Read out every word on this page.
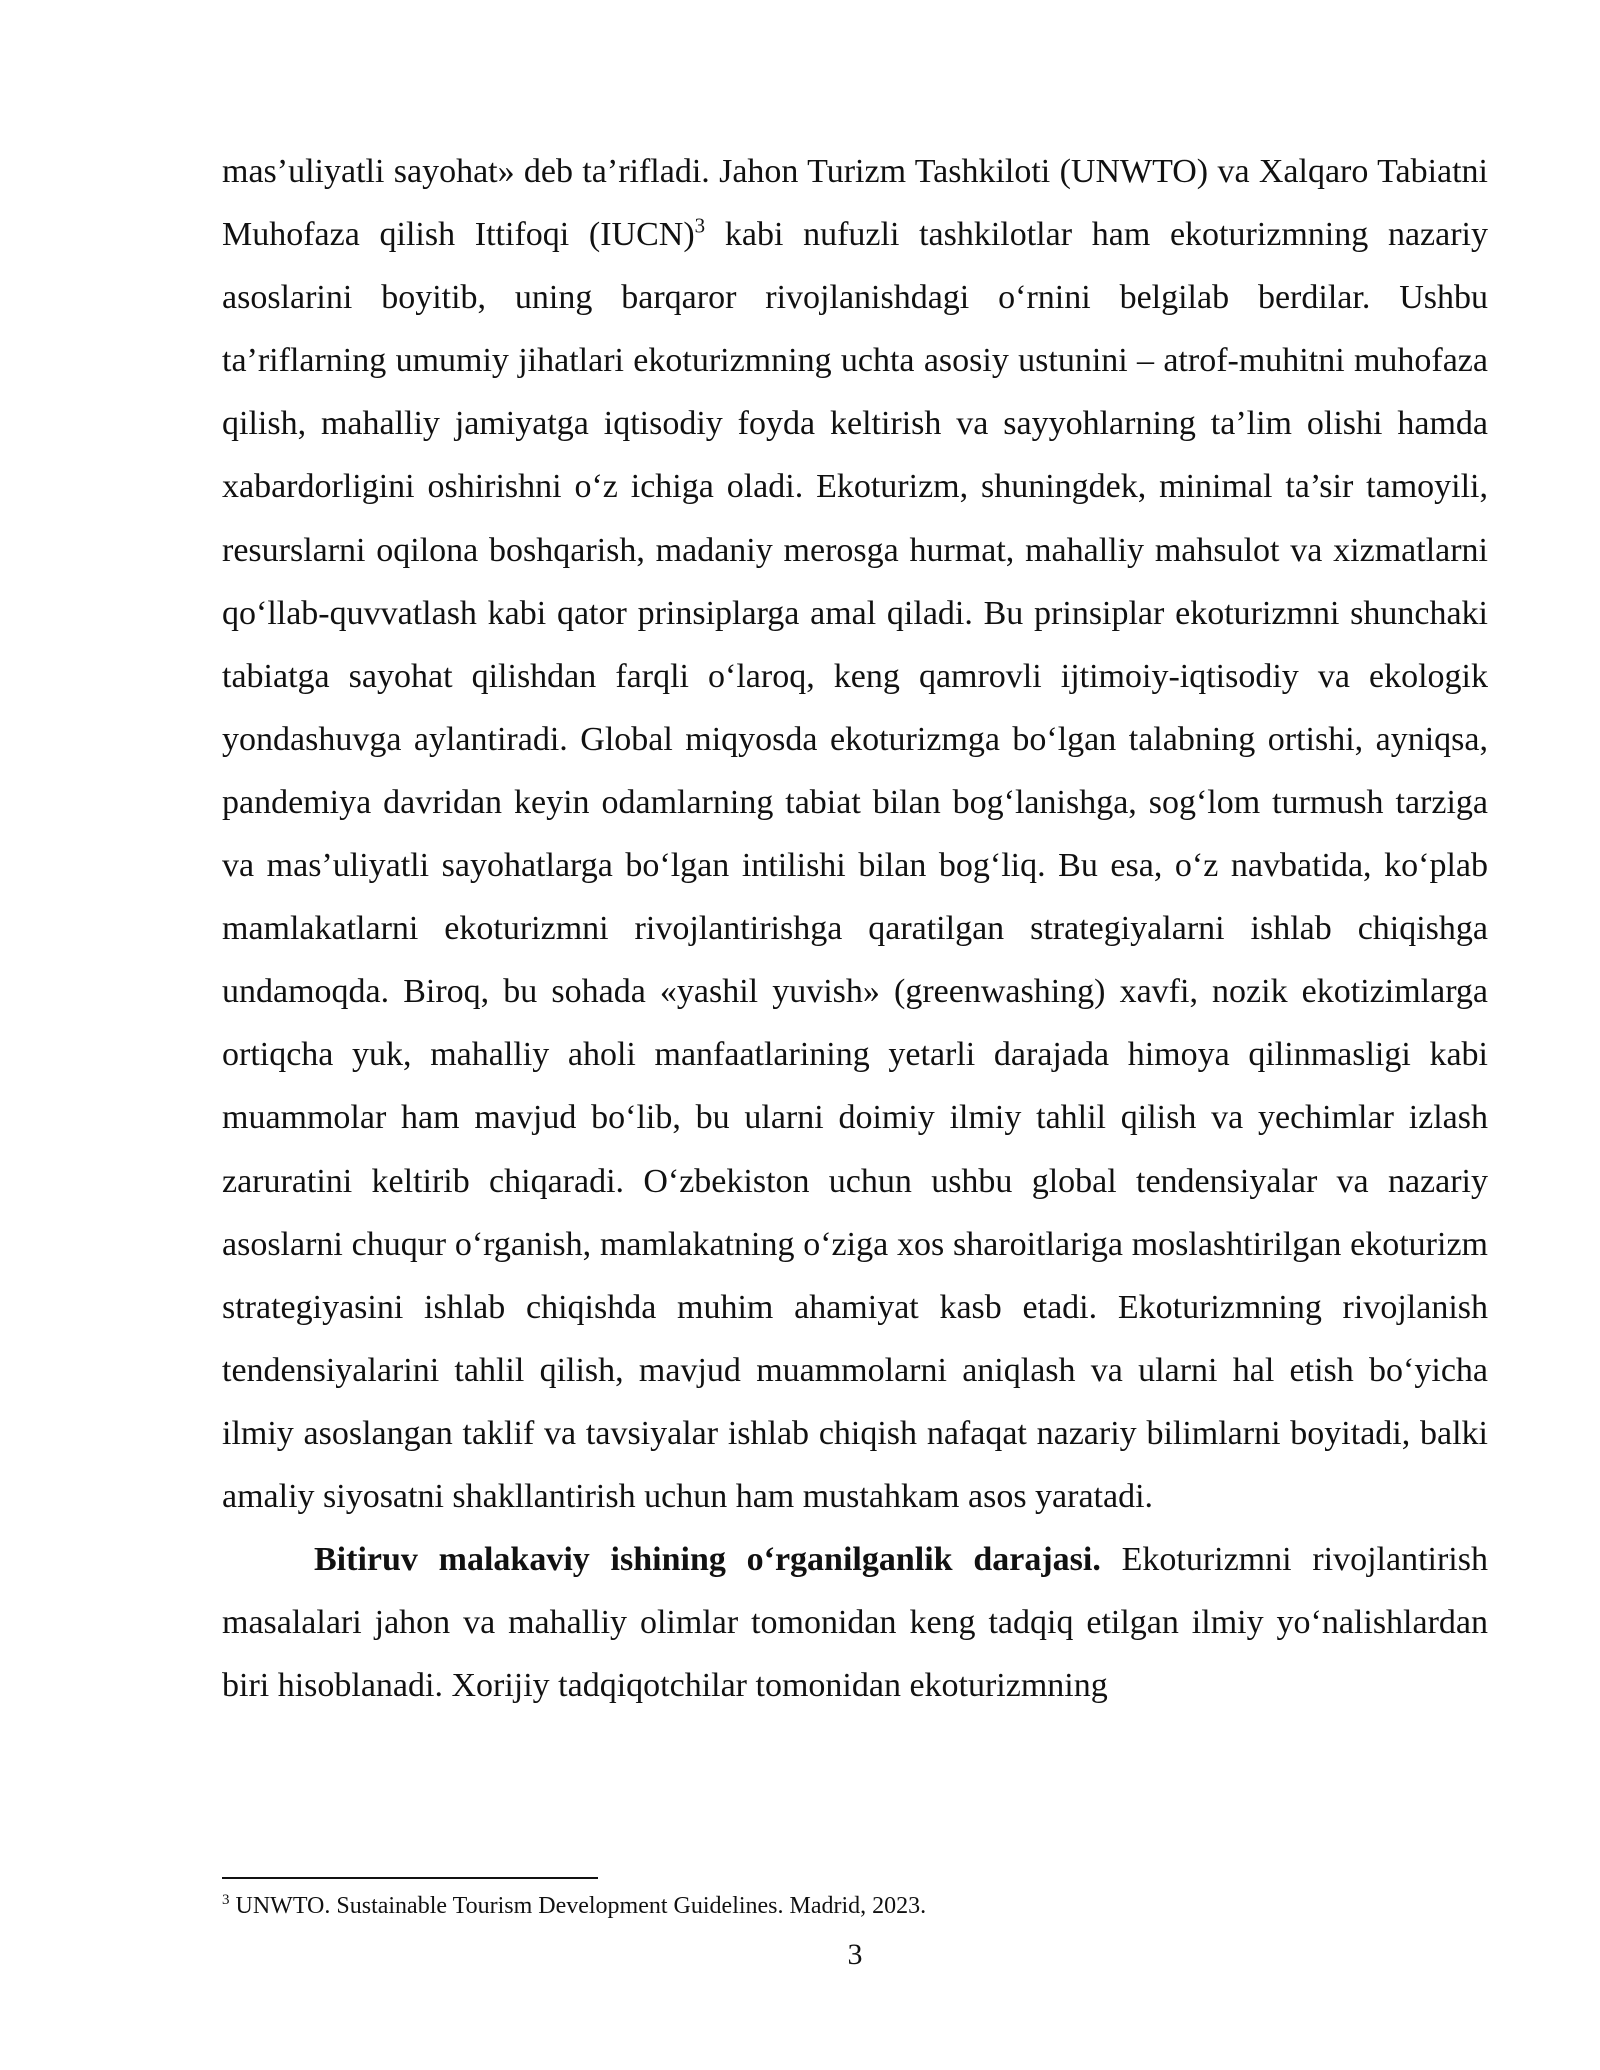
mas’uliyatli sayohat» deb ta’rifladi. Jahon Turizm Tashkiloti (UNWTO) va Xalqaro Tabiatni Muhofaza qilish Ittifoqi (IUCN)$^3$ kabi nufuzli tashkilotlar ham ekoturizmning nazariy asoslarini boyitib, uning barqaror rivojlanishdagi oʻrnini belgilab berdilar. Ushbu ta’riflarning umumiy jihatlari ekoturizmning uchta asosiy ustunini – atrof-muhitni muhofaza qilish, mahalliy jamiyatga iqtisodiy foyda keltirish va sayyohlarning ta’lim olishi hamda xabardorligini oshirishni oʻz ichiga oladi. Ekoturizm, shuningdek, minimal ta’sir tamoyili, resurslarni oqilona boshqarish, madaniy merosga hurmat, mahalliy mahsulot va xizmatlarni qoʻllab-quvvatlash kabi qator prinsiplarga amal qiladi. Bu prinsiplar ekoturizmni shunchaki tabiatga sayohat qilishdan farqli oʻlaroq, keng qamrovli ijtimoiy-iqtisodiy va ekologik yondashuvga aylantiradi. Global miqyosda ekoturizmga boʻlgan talabning ortishi, ayniqsa, pandemiya davridan keyin odamlarning tabiat bilan bogʻlanishga, sogʻlom turmush tarziga va mas’uliyatli sayohatlarga boʻlgan intilishi bilan bogʻliq. Bu esa, oʻz navbatida, koʻplab mamlakatlarni ekoturizmni rivojlantirishga qaratilgan strategiyalarni ishlab chiqishga undamoqda. Biroq, bu sohada «yashil yuvish» (greenwashing) xavfi, nozik ekotizimlarga ortiqcha yuk, mahalliy aholi manfaatlarining yetarli darajada himoya qilinmasligi kabi muammolar ham mavjud boʻlib, bu ularni doimiy ilmiy tahlil qilish va yechimlar izlash zaruratini keltirib chiqaradi. Oʻzbekiston uchun ushbu global tendensiyalar va nazariy asoslarni chuqur oʻrganish, mamlakatning oʻziga xos sharoitlariga moslashtirilgan ekoturizm strategiyasini ishlab chiqishda muhim ahamiyat kasb etadi. Ekoturizmning rivojlanish tendensiyalarini tahlil qilish, mavjud muammolarni aniqlash va ularni hal etish boʻyicha ilmiy asoslangan taklif va tavsiyalar ishlab chiqish nafaqat nazariy bilimlarni boyitadi, balki amaliy siyosatni shakllantirish uchun ham mustahkam asos yaratadi.

Bitiruv malakaviy ishining oʻrganilganlik darajasi. Ekoturizmni rivojlantirish masalalari jahon va mahalliy olimlar tomonidan keng tadqiq etilgan ilmiy yoʻnalishlardan biri hisoblanadi. Xorijiy tadqiqotchilar tomonidan ekoturizmning

$^3$ UNWTO. Sustainable Tourism Development Guidelines. Madrid, 2023.
3
